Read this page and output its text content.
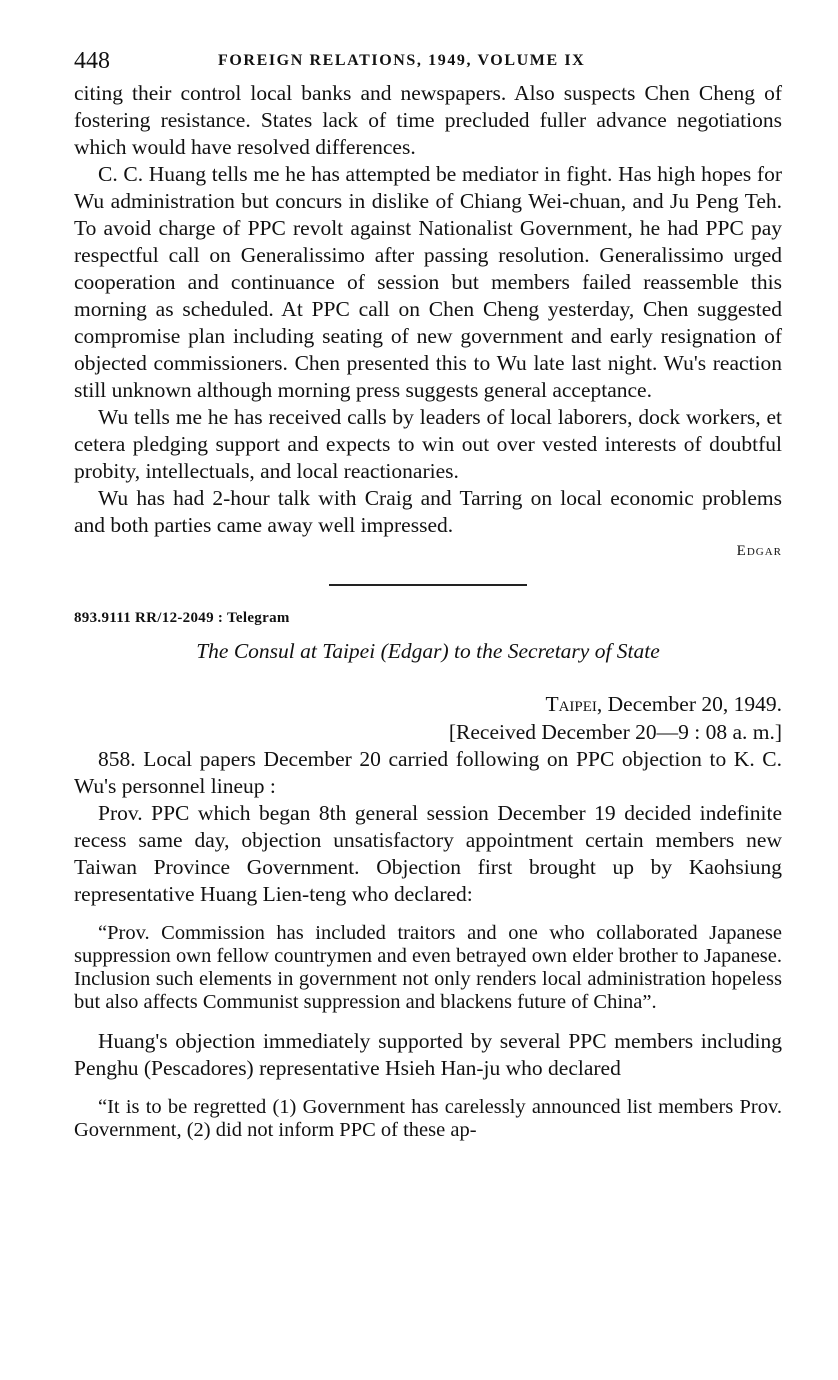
448	FOREIGN RELATIONS, 1949, VOLUME IX

citing their control local banks and newspapers. Also suspects Chen Cheng of fostering resistance. States lack of time precluded fuller advance negotiations which would have resolved differences.

C. C. Huang tells me he has attempted be mediator in fight. Has high hopes for Wu administration but concurs in dislike of Chiang Wei-chuan, and Ju Peng Teh. To avoid charge of PPC revolt against Nationalist Government, he had PPC pay respectful call on Generalissimo after passing resolution. Generalissimo urged cooperation and continuance of session but members failed reassemble this morning as scheduled. At PPC call on Chen Cheng yesterday, Chen suggested compromise plan including seating of new government and early resignation of objected commissioners. Chen presented this to Wu late last night. Wu's reaction still unknown although morning press suggests general acceptance.

Wu tells me he has received calls by leaders of local laborers, dock workers, et cetera pledging support and expects to win out over vested interests of doubtful probity, intellectuals, and local reactionaries.

Wu has had 2-hour talk with Craig and Tarring on local economic problems and both parties came away well impressed.

Edgar
893.9111 RR/12-2049 : Telegram
The Consul at Taipei (Edgar) to the Secretary of State
Taipei, December 20, 1949.
[Received December 20—9 : 08 a. m.]

858. Local papers December 20 carried following on PPC objection to K. C. Wu's personnel lineup :

Prov. PPC which began 8th general session December 19 decided indefinite recess same day, objection unsatisfactory appointment certain members new Taiwan Province Government. Objection first brought up by Kaohsiung representative Huang Lien-teng who declared:

“Prov. Commission has included traitors and one who collaborated Japanese suppression own fellow countrymen and even betrayed own elder brother to Japanese. Inclusion such elements in government not only renders local administration hopeless but also affects Communist suppression and blackens future of China”.

Huang's objection immediately supported by several PPC members including Penghu (Pescadores) representative Hsieh Han-ju who declared

“It is to be regretted (1) Government has carelessly announced list members Prov. Government, (2) did not inform PPC of these ap-
